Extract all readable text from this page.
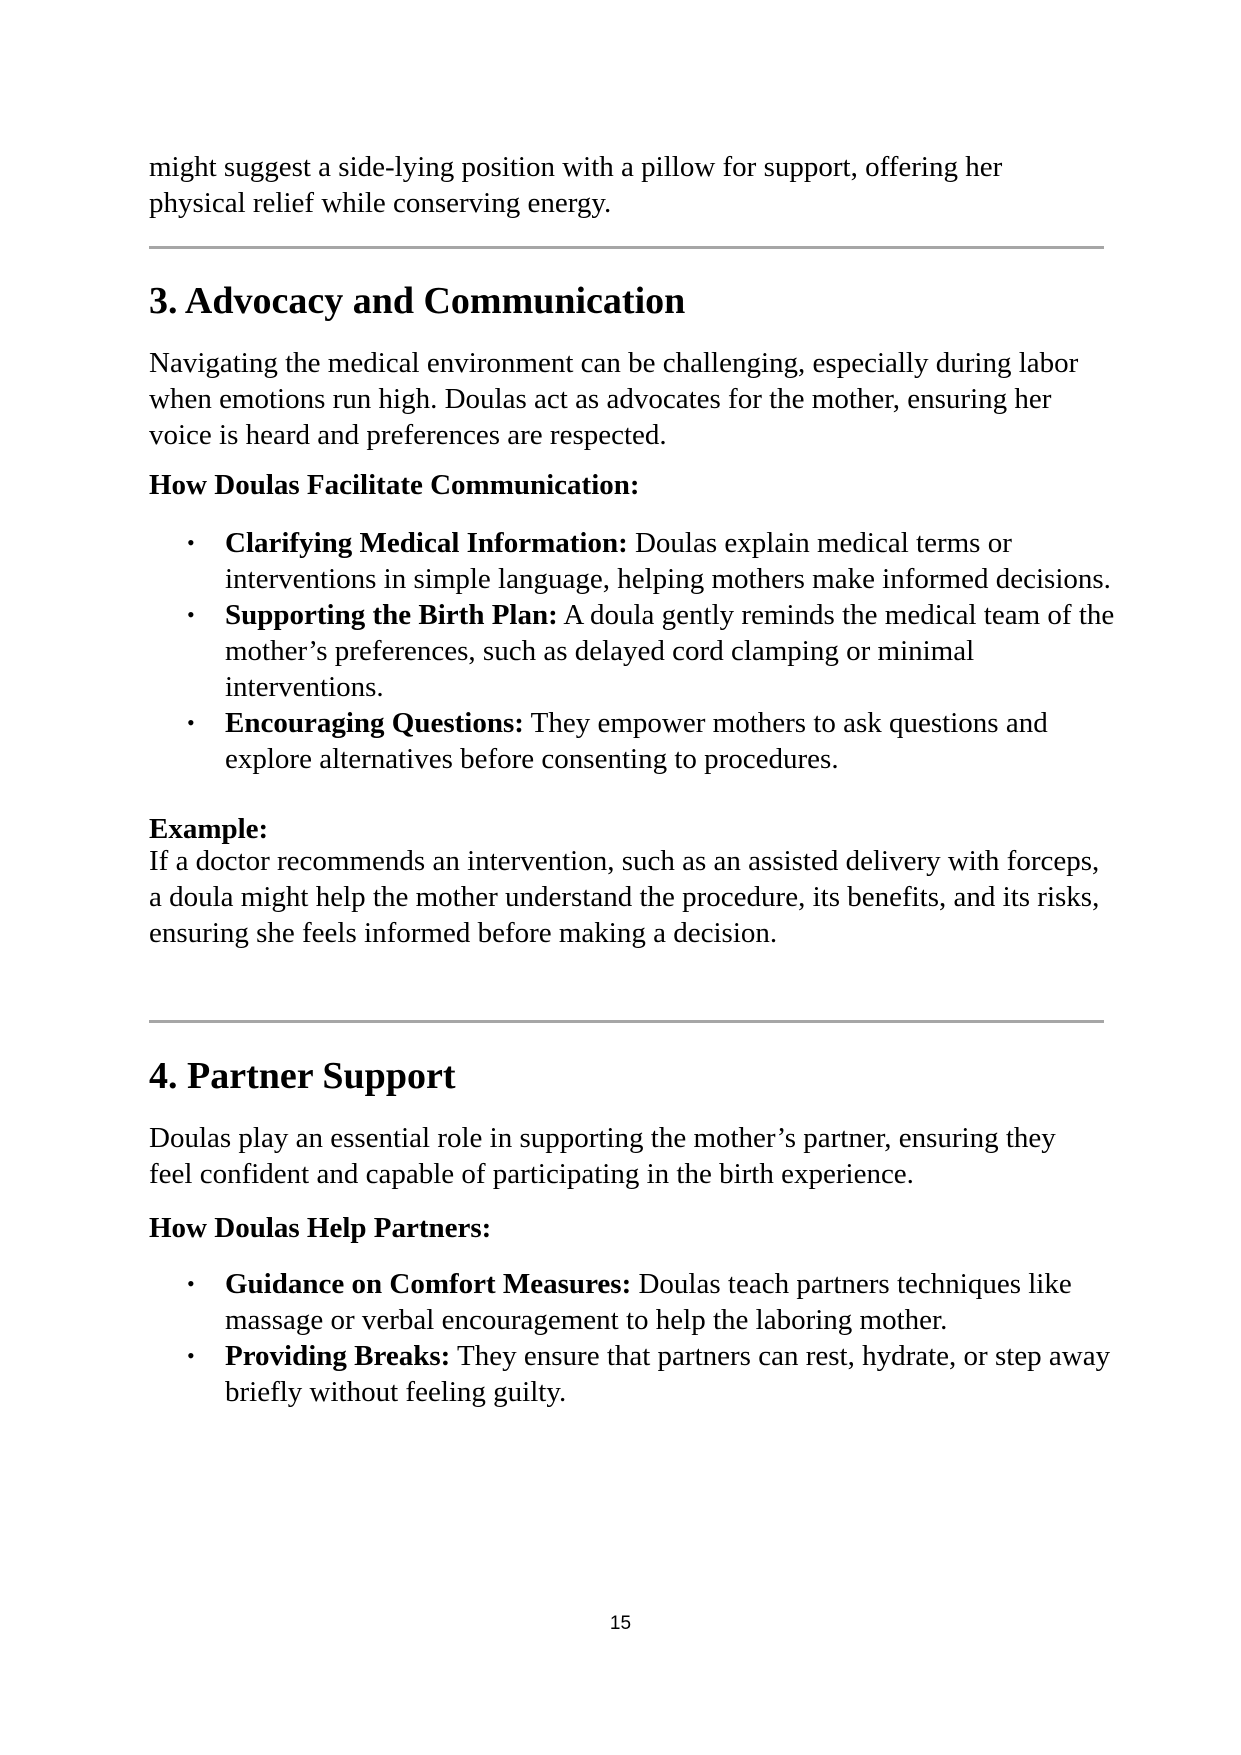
might suggest a side-lying position with a pillow for support, offering her physical relief while conserving energy.

3. Advocacy and Communication

Navigating the medical environment can be challenging, especially during labor when emotions run high. Doulas act as advocates for the mother, ensuring her voice is heard and preferences are respected.

How Doulas Facilitate Communication:

• Clarifying Medical Information: Doulas explain medical terms or interventions in simple language, helping mothers make informed decisions.
• Supporting the Birth Plan: A doula gently reminds the medical team of the mother’s preferences, such as delayed cord clamping or minimal interventions.
• Encouraging Questions: They empower mothers to ask questions and explore alternatives before consenting to procedures.

Example:

If a doctor recommends an intervention, such as an assisted delivery with forceps, a doula might help the mother understand the procedure, its benefits, and its risks, ensuring she feels informed before making a decision.

4. Partner Support

Doulas play an essential role in supporting the mother’s partner, ensuring they feel confident and capable of participating in the birth experience.

How Doulas Help Partners:

• Guidance on Comfort Measures: Doulas teach partners techniques like massage or verbal encouragement to help the laboring mother.
• Providing Breaks: They ensure that partners can rest, hydrate, or step away briefly without feeling guilty.
15
